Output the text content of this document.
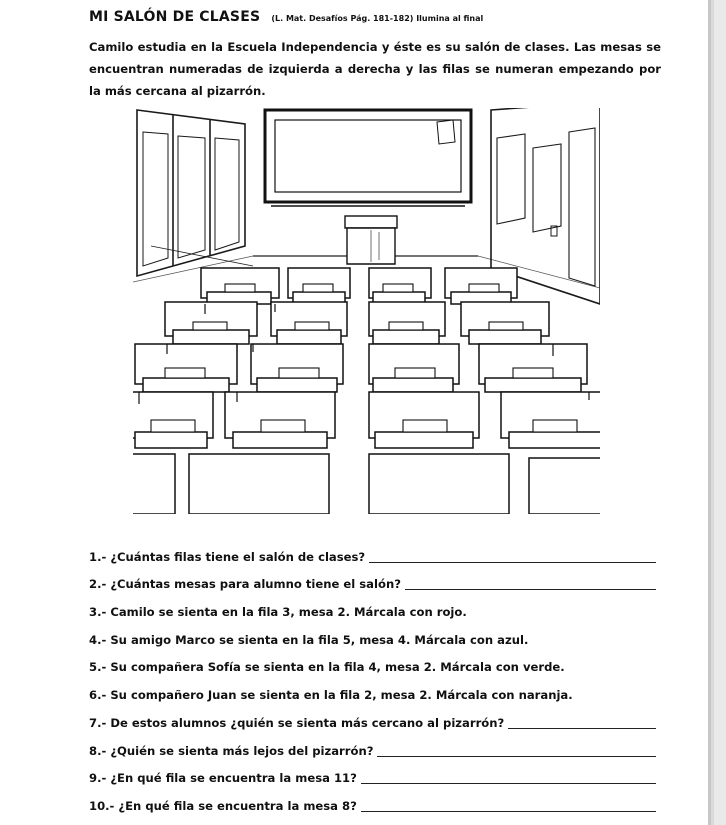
MI SALÓN DE CLASES (L. Mat. Desafíos Pág. 181-182) Ilumina al final

Camilo estudia en la Escuela Independencia y éste es su salón de clases. Las mesas se encuentran numeradas de izquierda a derecha y las filas se numeran empezando por la más cercana al pizarrón.

1.- ¿Cuántas filas tiene el salón de clases?
2.- ¿Cuántas mesas para alumno tiene el salón?
3.- Camilo se sienta en la fila 3, mesa 2. Márcala con rojo.
4.- Su amigo Marco se sienta en la fila 5, mesa 4. Márcala con azul.
5.- Su compañera Sofía se sienta en la fila 4, mesa 2. Márcala con verde.
6.- Su compañero Juan se sienta en la fila 2, mesa 2. Márcala con naranja.
7.- De estos alumnos ¿quién se sienta más cercano al pizarrón?
8.- ¿Quién se sienta más lejos del pizarrón?
9.- ¿En qué fila se encuentra la mesa 11?
10.- ¿En qué fila se encuentra la mesa 8?
